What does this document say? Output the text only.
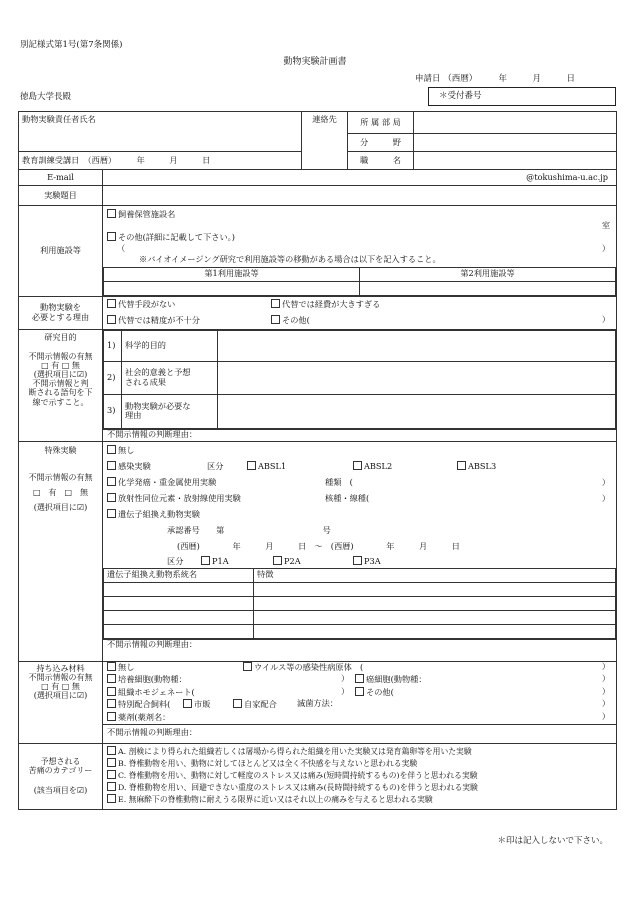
別記様式第1号(第7条関係)
動物実験計画書
申請日 （西暦）　　　年　　　月　　　日
徳島大学長殿	＊受付番号
動物実験責任者氏名	連絡先	所 属 部 局	
分　　　野	
教育訓練受講日　（西暦）　　　年　　　月　　　日	職　　　名	
E-mail	@tokushima-u.ac.jp
実験題目	
利用施設等	
飼養保管施設名
室
その他(詳細に記載して下さい。)
（	）
※バイオイメージング研究で利用施設等の移動がある場合は以下を記入すること。
第1利用施設等	第2利用施設等

動物実験を
必要とする理由

代替手段がない	代替では経費が大きすぎる
代替では精度が不十分	その他(	）

研究目的
不開示情報の有無
□ 有 □ 無
(選択項目に☑)
不開示情報と判
断される語句を下
線で示すこと。

1)	科学的目的	
2)	社会的意義と予想
される成果

3)	動物実験が必要な
理由

不開示情報の判断理由：

特殊実験
不開示情報の有無
□　有　□　無
(選択項目に☑)

無し
感染実験	区分	ABSL1	ABSL2	ABSL3
化学発癌・重金属使用実験	種類　(	）
放射性同位元素・放射線使用実験	核種・線種(	）
遺伝子組換え動物実験
承認番号　　第　　　　　　　　　　　　号
(西暦)　　　　年　　　月　　　日　～　(西暦)　　　　年　　　月　　　日
区分	P1A	P2A	P3A
遺伝子組換え動物系統名	特徴

不開示情報の判断理由：

持ち込み材料
不開示情報の有無
□ 有 □ 無
(選択項目に☑)

無し	ウイルス等の感染性病原体　(	）
培養細胞(動物種：	）	癌細胞(動物種：	）
組織ホモジェネート(	）	その他(	）
特別配合飼料(	市販	自家配合 滅菌方法：	）
薬剤(薬剤名：	）
不開示情報の判断理由：

予想される
苦痛のカテゴリー
(該当項目を☑)

A. 剖検により得られた組織若しくは屠場から得られた組織を用いた実験又は発育鶏卵等を用いた実験
B. 脊椎動物を用い、動物に対してほとんど又は全く不快感を与えないと思われる実験
C. 脊椎動物を用い、動物に対して軽度のストレス又は痛み(短時間持続するもの)を伴うと思われる実験
D. 脊椎動物を用い、回避できない重度のストレス又は痛み(長時間持続するもの)を伴うと思われる実験
E. 無麻酔下の脊椎動物に耐えうる限界に近い又はそれ以上の痛みを与えると思われる実験
＊印は記入しないで下さい。
